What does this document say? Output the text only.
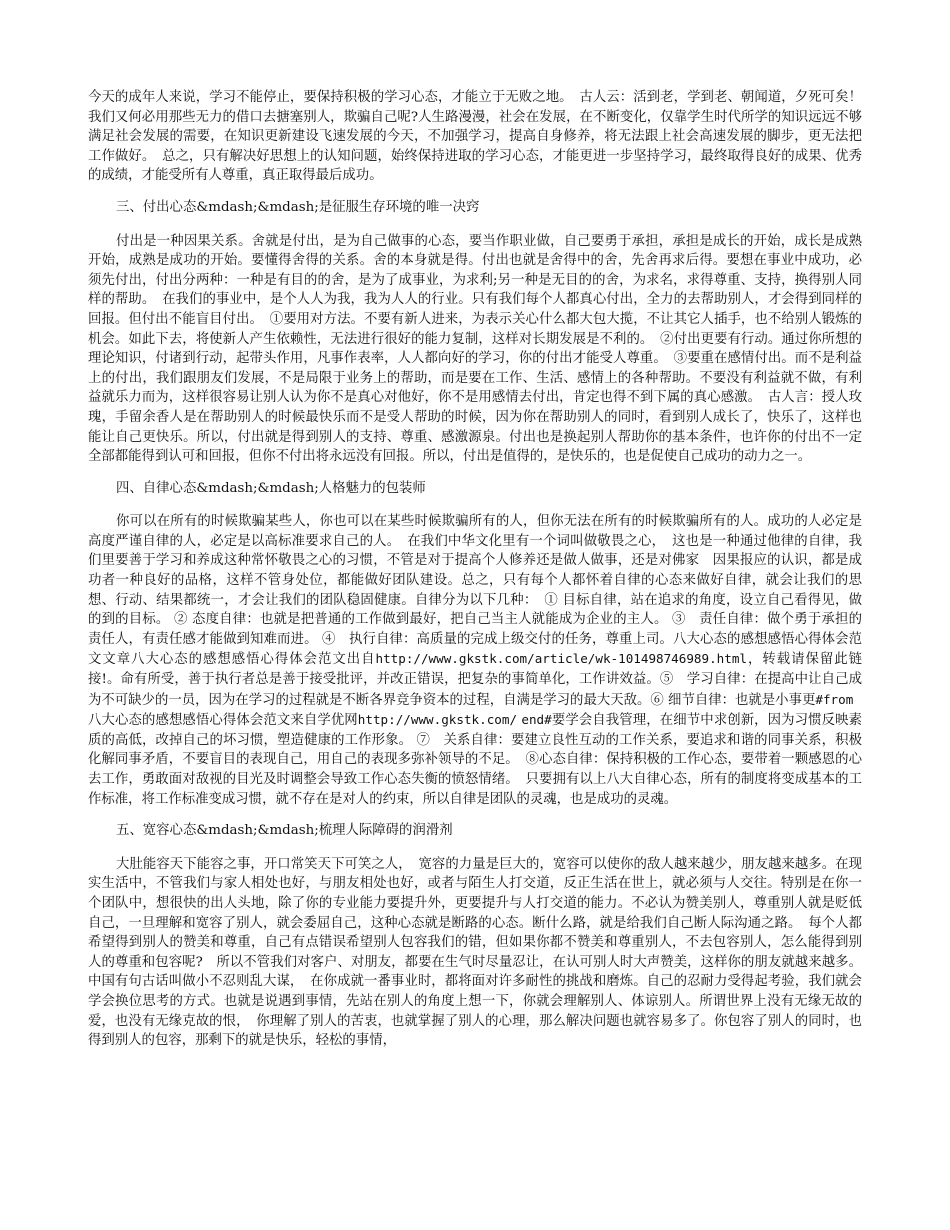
今天的成年人来说，学习不能停止，要保持积极的学习心态，才能立于无败之地。　古人云：活到老，学到老、朝闻道，夕死可矣！　我们又何必用那些无力的借口去搪塞别人，欺骗自己呢?人生路漫漫，社会在发展，在不断变化，仅靠学生时代所学的知识远远不够满足社会发展的需要，在知识更新建设飞速发展的今天，不加强学习，提高自身修养，将无法跟上社会高速发展的脚步，更无法把工作做好。　总之，只有解决好思想上的认知问题，始终保持进取的学习心态，才能更进一步坚持学习，最终取得良好的成果、优秀的成绩，才能受所有人尊重，真正取得最后成功。

三、付出心态&mdash;&mdash;是征服生存环境的唯一决窍

付出是一种因果关系。舍就是付出，是为自己做事的心态，要当作职业做，自己要勇于承担，承担是成长的开始，成长是成熟开始，成熟是成功的开始。要懂得舍得的关系。舍的本身就是得。付出也就是舍得中的舍，先舍再求后得。要想在事业中成功，必须先付出，付出分两种：一种是有目的的舍，是为了成事业，为求利;另一种是无目的的舍，为求名，求得尊重、支持，换得别人同样的帮助。　在我们的事业中，是个人人为我，我为人人的行业。只有我们每个人都真心付出，全力的去帮助别人，才会得到同样的回报。但付出不能盲目付出。　①要用对方法。不要有新人进来，为表示关心什么都大包大揽，不让其它人插手，也不给别人锻炼的机会。如此下去，将使新人产生依赖性，无法进行很好的能力复制，这样对长期发展是不利的。　②付出更要有行动。通过你所想的理论知识，付诸到行动，起带头作用，凡事作表率，人人都向好的学习，你的付出才能受人尊重。　③要重在感情付出。而不是利益上的付出，我们跟朋友们发展，不是局限于业务上的帮助，而是要在工作、生活、感情上的各种帮助。不要没有利益就不做，有利益就乐力而为，这样很容易让别人认为你不是真心对他好，你不是用感情去付出，肯定也得不到下属的真心感激。　古人言：授人玫瑰，手留余香人是在帮助别人的时候最快乐而不是受人帮助的时候，因为你在帮助别人的同时，看到别人成长了，快乐了，这样也能让自己更快乐。所以，付出就是得到别人的支持、尊重、感激源泉。付出也是换起别人帮助你的基本条件，也许你的付出不一定全部都能得到认可和回报，但你不付出将永远没有回报。所以，付出是值得的，是快乐的，也是促使自己成功的动力之一。

四、自律心态&mdash;&mdash;人格魅力的包装师

你可以在所有的时候欺骗某些人，你也可以在某些时候欺骗所有的人，但你无法在所有的时候欺骗所有的人。成功的人必定是高度严谨自律的人，必定是以高标准要求自己的人。　在我们中华文化里有一个词叫做敬畏之心，　这也是一种通过他律的自律，我们里要善于学习和养成这种常怀敬畏之心的习惯，不管是对于提高个人修养还是做人做事，还是对佛家　因果报应的认识，都是成功者一种良好的品格，这样不管身处位，都能做好团队建设。总之，只有每个人都怀着自律的心态来做好自律，就会让我们的思想、行动、结果都统一，才会让我们的团队稳固健康。自律分为以下几种：　① 目标自律，站在追求的角度，设立自己看得见，做的到的目标。 ② 态度自律：也就是把普通的工作做到最好，把自己当主人就能成为企业的主人。 ③　责任自律：做个勇于承担的责任人，有责任感才能做到知难而进。 ④　执行自律：高质量的完成上级交付的任务，尊重上司。八大心态的感想感悟心得体会范文文章八大心态的感想感悟心得体会范文出自http://www.gkstk.com/article/wk-101498746989.html，转载请保留此链接!。命有所受，善于执行者总是善于接受批评，并改正错误，把复杂的事简单化，工作讲效益。⑤　学习自律：在提高中让自己成为不可缺少的一员，因为在学习的过程就是不断各界竞争资本的过程，自满是学习的最大天敌。⑥ 细节自律：也就是小事更#from　八大心态的感想感悟心得体会范文来自学优网http://www.gkstk.com/ end#要学会自我管理，在细节中求创新，因为习惯反映素质的高低，改掉自己的坏习惯，塑造健康的工作形象。 ⑦　关系自律：要建立良性互动的工作关系，要追求和谐的同事关系，积极化解同事矛盾，不要盲目的表现自己，用自己的表现多弥补领导的不足。　⑧心态自律：保持积极的工作心态，要带着一颗感恩的心去工作，勇敢面对敌视的目光及时调整会导致工作心态失衡的愤怒情绪。　只要拥有以上八大自律心态，所有的制度将变成基本的工作标准，将工作标准变成习惯，就不存在是对人的约束，所以自律是团队的灵魂，也是成功的灵魂。

五、宽容心态&mdash;&mdash;梳理人际障碍的润滑剂

大肚能容天下能容之事，开口常笑天下可笑之人，　宽容的力量是巨大的，宽容可以使你的敌人越来越少，朋友越来越多。在现实生活中，不管我们与家人相处也好，与朋友相处也好，或者与陌生人打交道，反正生活在世上，就必须与人交往。特别是在你一个团队中，想很快的出人头地，除了你的专业能力要提升外，更要提升与人打交道的能力。不必认为赞美别人，尊重别人就是贬低自己，一旦理解和宽容了别人，就会委屈自己，这种心态就是断路的心态。断什么路，就是给我们自己断人际沟通之路。　每个人都希望得到别人的赞美和尊重，自己有点错误希望别人包容我们的错，但如果你都不赞美和尊重别人，不去包容别人，怎么能得到别人的尊重和包容呢?　所以不管我们对客户、对朋友，都要在生气时尽量忍让，在认可别人时大声赞美，这样你的朋友就越来越多。中国有句古话叫做小不忍则乱大谋，　在你成就一番事业时，都将面对许多耐性的挑战和磨炼。自己的忍耐力受得起考验，我们就会学会换位思考的方式。也就是说遇到事情，先站在别人的角度上想一下，你就会理解别人、体谅别人。所谓世界上没有无缘无故的爱，也没有无缘克故的恨，　你理解了别人的苦衷，也就掌握了别人的心理，那么解决问题也就容易多了。你包容了别人的同时，也得到别人的包容，那剩下的就是快乐，轻松的事情，
